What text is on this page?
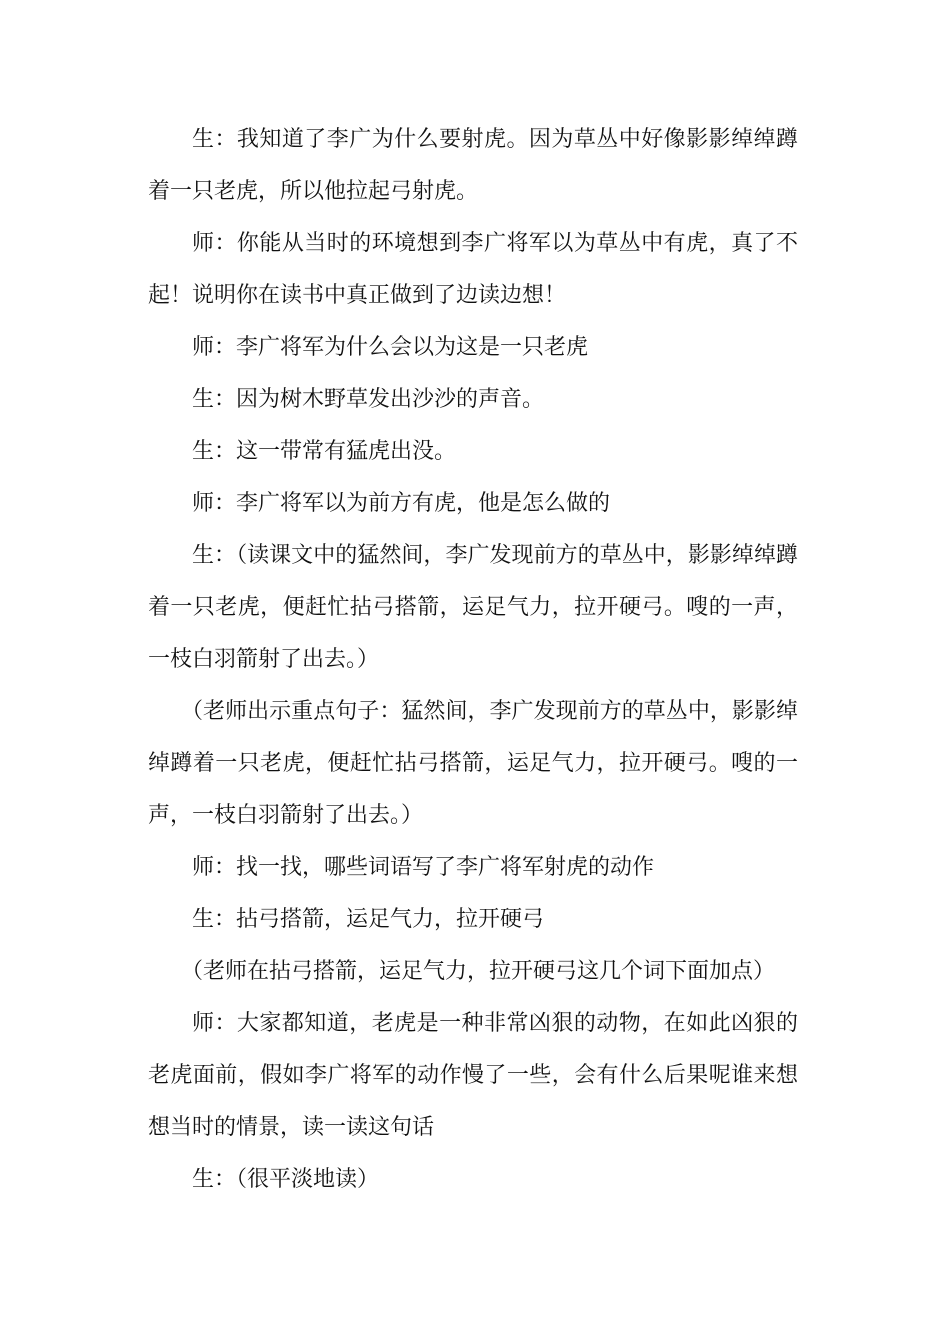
生：我知道了李广为什么要射虎。因为草丛中好像影影绰绰蹲着一只老虎，所以他拉起弓射虎。

师：你能从当时的环境想到李广将军以为草丛中有虎，真了不起！说明你在读书中真正做到了边读边想！

师：李广将军为什么会以为这是一只老虎

生：因为树木野草发出沙沙的声音。

生：这一带常有猛虎出没。

师：李广将军以为前方有虎，他是怎么做的

生：（读课文中的猛然间，李广发现前方的草丛中，影影绰绰蹲着一只老虎，便赶忙拈弓搭箭，运足气力，拉开硬弓。嗖的一声，一枝白羽箭射了出去。）

（老师出示重点句子：猛然间，李广发现前方的草丛中，影影绰绰蹲着一只老虎，便赶忙拈弓搭箭，运足气力，拉开硬弓。嗖的一声，一枝白羽箭射了出去。）

师：找一找，哪些词语写了李广将军射虎的动作

生：拈弓搭箭，运足气力，拉开硬弓

（老师在拈弓搭箭，运足气力，拉开硬弓这几个词下面加点）

师：大家都知道，老虎是一种非常凶狠的动物，在如此凶狠的老虎面前，假如李广将军的动作慢了一些，会有什么后果呢谁来想想当时的情景，读一读这句话

生：（很平淡地读）
